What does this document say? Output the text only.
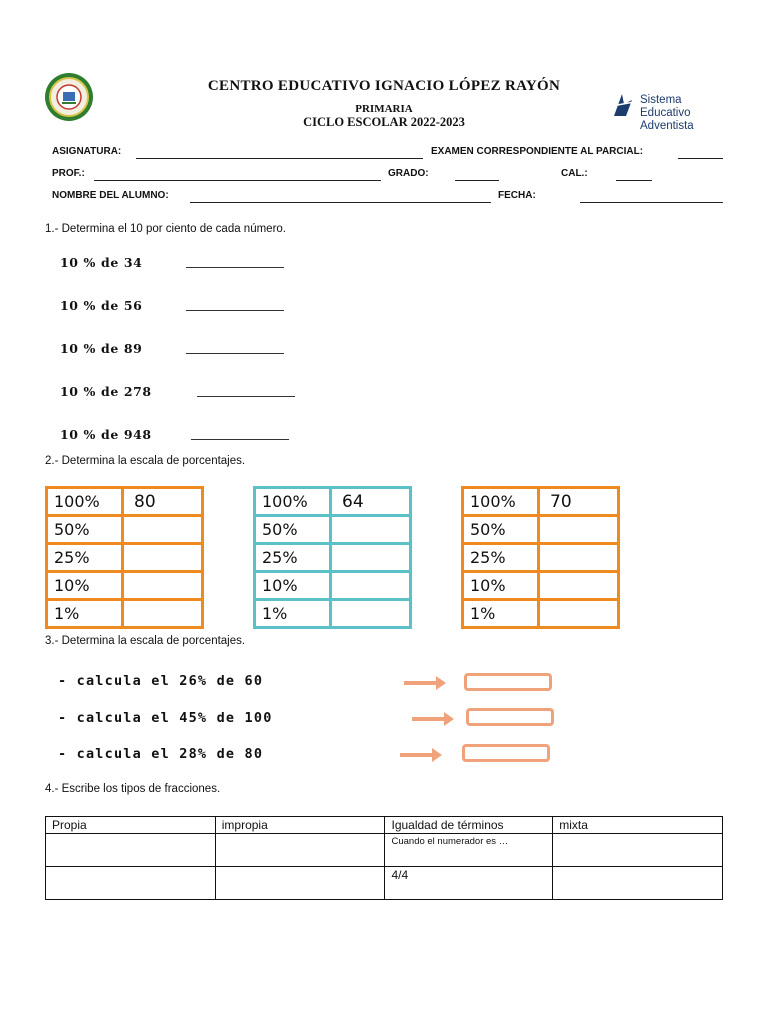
CENTRO EDUCATIVO IGNACIO LÓPEZ RAYÓN
PRIMARIA
CICLO ESCOLAR 2022-2023
Sistema Educativo
Adventista
ASIGNATURA:	EXAMEN CORRESPONDIENTE AL PARCIAL:
PROF.:	GRADO:	CAL.:
NOMBRE DEL ALUMNO:	FECHA:
1.- Determina el 10 por ciento de cada número.
10 % de 34
10 % de 56
10 % de 89
10 % de 278
10 % de 948
2.- Determina la escala de porcentajes.
100%	80
50%	
25%	
10%	
1%	
100%	64
50%	
25%	
10%	
1%	
100%	70
50%	
25%	
10%	
1%	
3.- Determina la escala de porcentajes.
- calcula el 26% de 60
- calcula el 45% de 100
- calcula el 28% de 80
4.- Escribe los tipos de fracciones.
Propia	impropia	Igualdad de términos	mixta
		Cuando el numerador es …	
		4/4	
